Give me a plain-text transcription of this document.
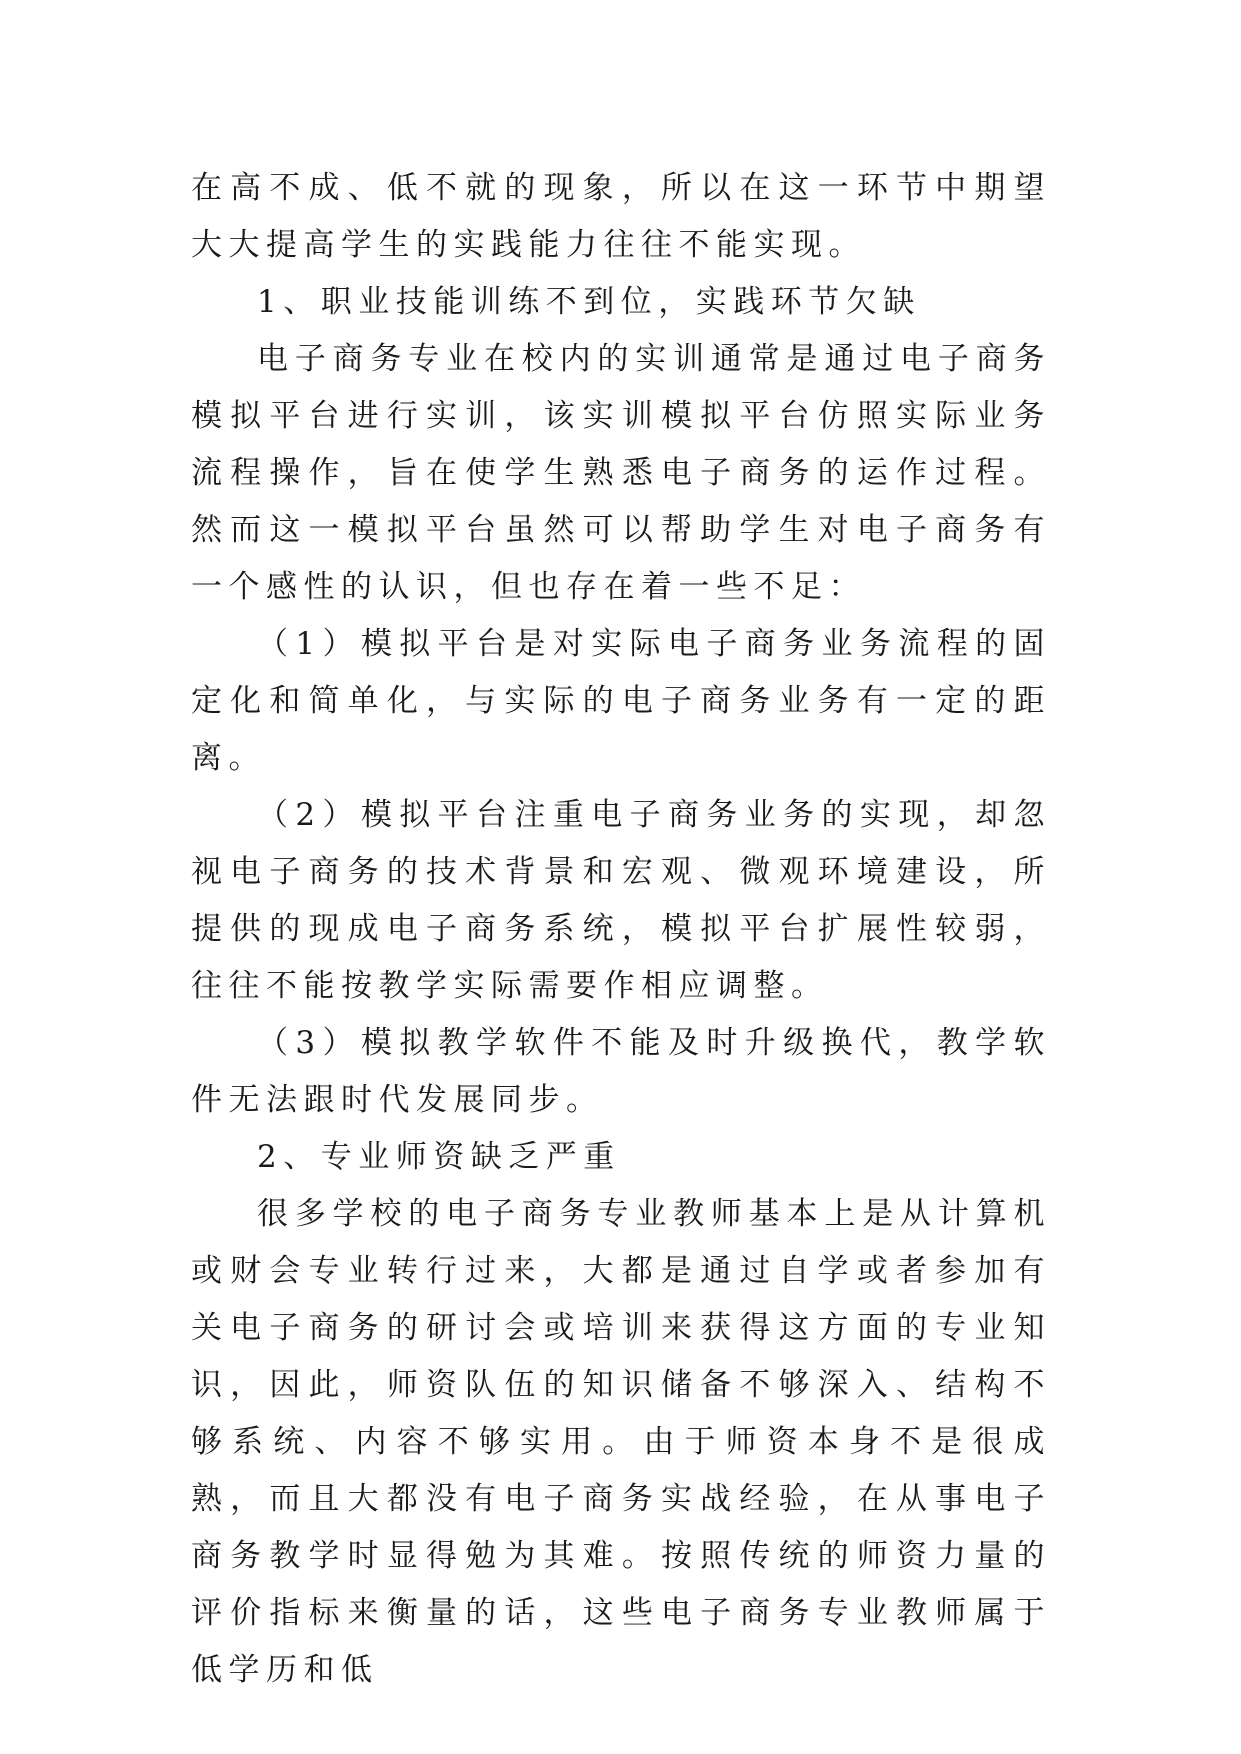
在高不成、低不就的现象，所以在这一环节中期望大大提高学生的实践能力往往不能实现。

1、职业技能训练不到位，实践环节欠缺

电子商务专业在校内的实训通常是通过电子商务模拟平台进行实训，该实训模拟平台仿照实际业务流程操作，旨在使学生熟悉电子商务的运作过程。然而这一模拟平台虽然可以帮助学生对电子商务有一个感性的认识，但也存在着一些不足：

（1）模拟平台是对实际电子商务业务流程的固定化和简单化，与实际的电子商务业务有一定的距离。

（2）模拟平台注重电子商务业务的实现，却忽视电子商务的技术背景和宏观、微观环境建设，所提供的现成电子商务系统，模拟平台扩展性较弱，往往不能按教学实际需要作相应调整。

（3）模拟教学软件不能及时升级换代，教学软件无法跟时代发展同步。

2、专业师资缺乏严重

很多学校的电子商务专业教师基本上是从计算机或财会专业转行过来，大都是通过自学或者参加有关电子商务的研讨会或培训来获得这方面的专业知识，因此，师资队伍的知识储备不够深入、结构不够系统、内容不够实用。由于师资本身不是很成熟，而且大都没有电子商务实战经验，在从事电子商务教学时显得勉为其难。按照传统的师资力量的评价指标来衡量的话，这些电子商务专业教师属于低学历和低
